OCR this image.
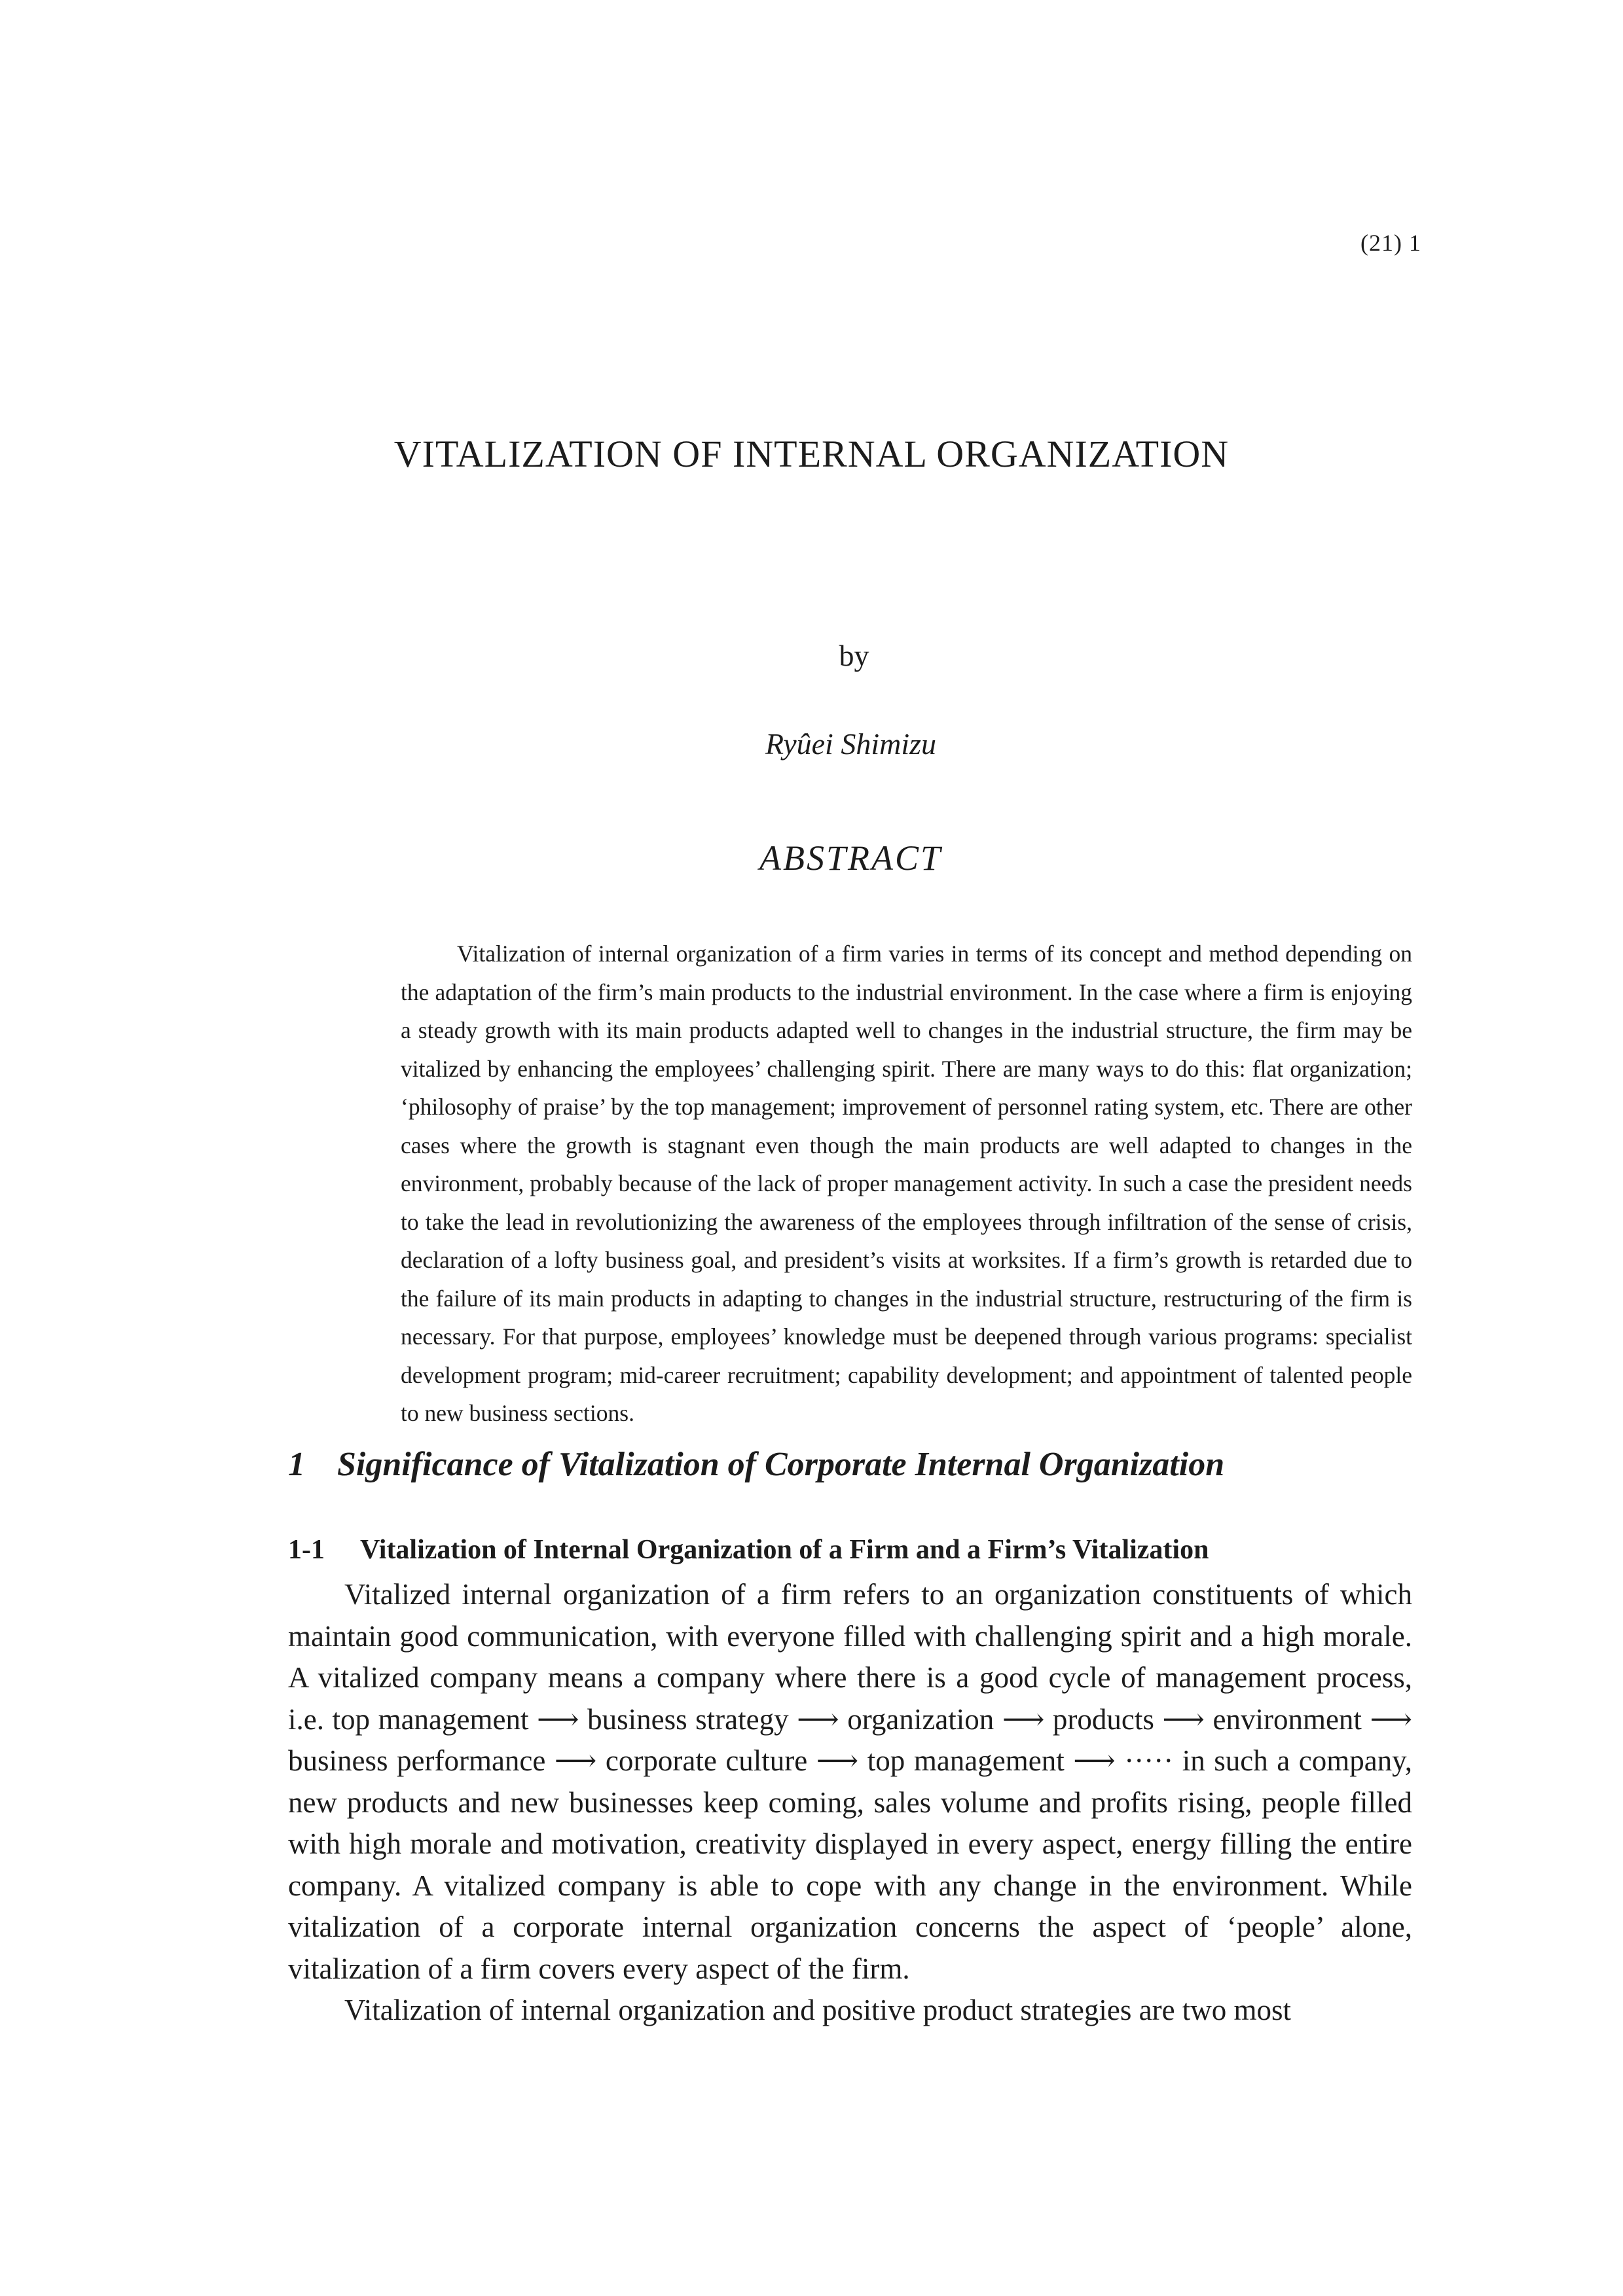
(21) 1
VITALIZATION OF INTERNAL ORGANIZATION
by
Ryûei Shimizu
ABSTRACT

Vitalization of internal organization of a firm varies in terms of its concept and method depending on the adaptation of the firm’s main products to the industrial environment. In the case where a firm is enjoying a steady growth with its main products adapted well to changes in the industrial structure, the firm may be vitalized by enhancing the employees’ challenging spirit. There are many ways to do this: flat organization; ‘philosophy of praise’ by the top management; improvement of personnel rating system, etc. There are other cases where the growth is stagnant even though the main products are well adapted to changes in the environment, probably because of the lack of proper management activity. In such a case the president needs to take the lead in revolutionizing the awareness of the employees through infiltration of the sense of crisis, declaration of a lofty business goal, and president’s visits at worksites. If a firm’s growth is retarded due to the failure of its main products in adapting to changes in the industrial structure, restructuring of the firm is necessary. For that purpose, employees’ knowledge must be deepened through various programs: specialist development program; mid-career recruitment; capability development; and appointment of talented people to new business sections.

1 Significance of Vitalization of Corporate Internal Organization
1-1 Vitalization of Internal Organization of a Firm and a Firm’s Vitalization

Vitalized internal organization of a firm refers to an organization constituents of which maintain good communication, with everyone filled with challenging spirit and a high morale. A vitalized company means a company where there is a good cycle of management process, i.e. top management ⟶ business strategy ⟶ organization ⟶ products ⟶ environment ⟶ business performance ⟶ corporate culture ⟶ top management ⟶ ····· in such a company, new products and new businesses keep coming, sales volume and profits rising, people filled with high morale and motivation, creativity displayed in every aspect, energy filling the entire company. A vitalized company is able to cope with any change in the environment. While vitalization of a corporate internal organization concerns the aspect of ‘people’ alone, vitalization of a firm covers every aspect of the firm.

Vitalization of internal organization and positive product strategies are two most
